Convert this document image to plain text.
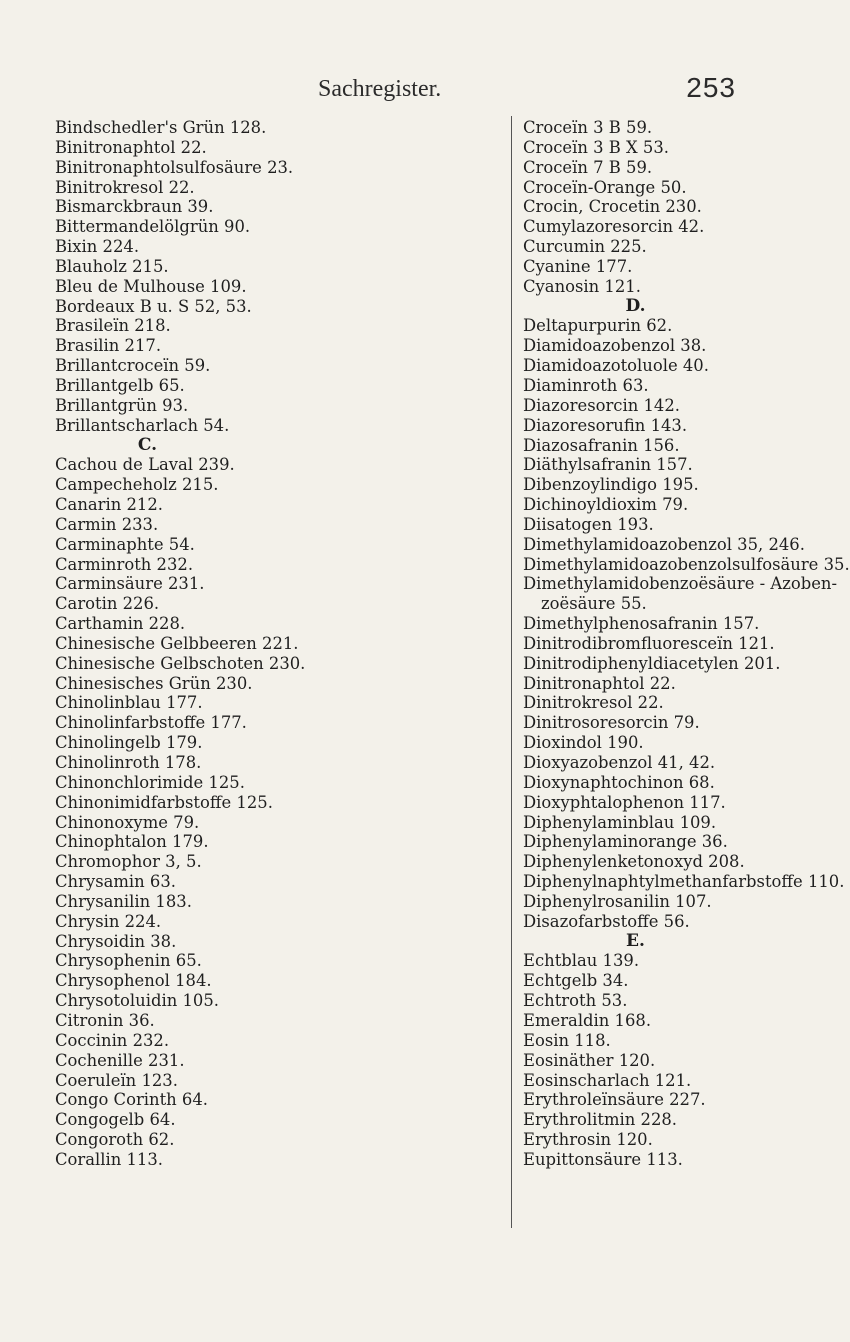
Sachregister.	253
Bindschedler's Grün 128.
Binitronaphtol 22.
Binitronaphtolsulfosäure 23.
Binitrokresol 22.
Bismarckbraun 39.
Bittermandelölgrün 90.
Bixin 224.
Blauholz 215.
Bleu de Mulhouse 109.
Bordeaux B u. S 52, 53.
Brasileïn 218.
Brasilin 217.
Brillantcroceïn 59.
Brillantgelb 65.
Brillantgrün 93.
Brillantscharlach 54.
C.
Cachou de Laval 239.
Campecheholz 215.
Canarin 212.
Carmin 233.
Carminaphte 54.
Carminroth 232.
Carminsäure 231.
Carotin 226.
Carthamin 228.
Chinesische Gelbbeeren 221.
Chinesische Gelbschoten 230.
Chinesisches Grün 230.
Chinolinblau 177.
Chinolinfarbstoffe 177.
Chinolingelb 179.
Chinolinroth 178.
Chinonchlorimide 125.
Chinonimidfarbstoffe 125.
Chinonoxyme 79.
Chinophtalon 179.
Chromophor 3, 5.
Chrysamin 63.
Chrysanilin 183.
Chrysin 224.
Chrysoidin 38.
Chrysophenin 65.
Chrysophenol 184.
Chrysotoluidin 105.
Citronin 36.
Coccinin 232.
Cochenille 231.
Coeruleïn 123.
Congo Corinth 64.
Congogelb 64.
Congoroth 62.
Corallin 113.
Croceïn 3 B 59.
Croceïn 3 B X 53.
Croceïn 7 B 59.
Croceïn-Orange 50.
Crocin, Crocetin 230.
Cumylazoresorcin 42.
Curcumin 225.
Cyanine 177.
Cyanosin 121.
D.
Deltapurpurin 62.
Diamidoazobenzol 38.
Diamidoazotoluole 40.
Diaminroth 63.
Diazoresorcin 142.
Diazoresorufin 143.
Diazosafranin 156.
Diäthylsafranin 157.
Dibenzoylindigo 195.
Dichinoyldioxim 79.
Diisatogen 193.
Dimethylamidoazobenzol 35, 246.
Dimethylamidoazobenzolsulfosäure 35.
Dimethylamidobenzoësäure - Azoben-
zoësäure 55.
Dimethylphenosafranin 157.
Dinitrodibromfluoresceïn 121.
Dinitrodiphenyldiacetylen 201.
Dinitronaphtol 22.
Dinitrokresol 22.
Dinitrosoresorcin 79.
Dioxindol 190.
Dioxyazobenzol 41, 42.
Dioxynaphtochinon 68.
Dioxyphtalophenon 117.
Diphenylaminblau 109.
Diphenylaminorange 36.
Diphenylenketonoxyd 208.
Diphenylnaphtylmethanfarbstoffe 110.
Diphenylrosanilin 107.
Disazofarbstoffe 56.
E.
Echtblau 139.
Echtgelb 34.
Echtroth 53.
Emeraldin 168.
Eosin 118.
Eosinäther 120.
Eosinscharlach 121.
Erythroleïnsäure 227.
Erythrolitmin 228.
Erythrosin 120.
Eupittonsäure 113.
